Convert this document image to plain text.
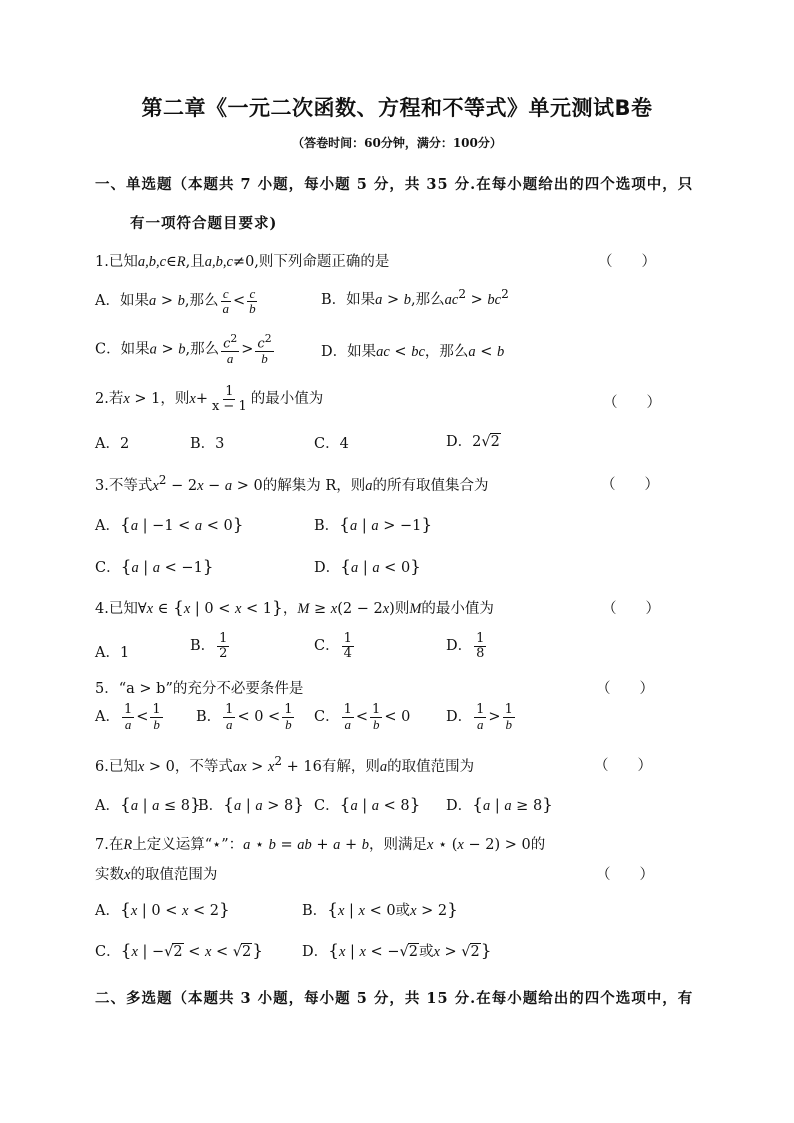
第二章《一元二次函数、方程和不等式》单元测试B卷
（答卷时间：60分钟，满分：100分）
一、单选题（本题共 7 小题，每小题 5 分，共 35 分.在每小题给出的四个选项中，只
有一项符合题目要求)
1.已知a,b,c∈R,且a,b,c≠0,则下列命题正确的是	（　　）
A．如果a > b,那么 $\frac{c}{a} < \frac{c}{b}$	B．如果a > b,那么$ac^2 > bc^2$
C．如果a > b,那么 $\frac{c^2}{a} > \frac{c^2}{b}$	D．如果ac < bc，那么a < b
2.若x > 1，则$x+ \frac{1}{x - 1}$ 的最小值为	（　　）
A．2	B．3	C．4	D．2√2
3.不等式$x^2 - 2x - a > 0$的解集为 R，则a的所有取值集合为	（　　）
A．{a | −1 < a < 0}	B．{a | a > −1}
C．{a | a < −1}	D．{a | a < 0}
4.已知∀x ∈ {x | 0 < x < 1}，M ≥ x(2 − 2x)则M的最小值为	（　　）
A．1	B． $\frac{1}{2}$	C． $\frac{1}{4}$	D． $\frac{1}{8}$
5．“a > b”的充分不必要条件是	（　　）
A． $\frac{1}{a} < \frac{1}{b}$ B． $\frac{1}{a} < 0 < \frac{1}{b}$ C． $\frac{1}{a} < \frac{1}{b} < 0$ D． $\frac{1}{a} > \frac{1}{b}$
6.已知x > 0，不等式ax > $x^2 + 16$有解，则a的取值范围为	（　　）
A．{a | a ≤ 8}
B．{a | a > 8} C．{a | a < 8} D．{a | a ≥ 8}
7.在R上定义运算“⋆”：a ⋆ b = ab + a + b，则满足x ⋆ (x − 2) > 0的
实数x的取值范围为	（　　）
A．{x | 0 < x < 2}	B．{x | x < 0或x > 2}
C．{x | −√2 < x < √2}	D．{x | x < −√2或x > √2}
二、多选题（本题共 3 小题，每小题 5 分，共 15 分.在每小题给出的四个选项中，有
